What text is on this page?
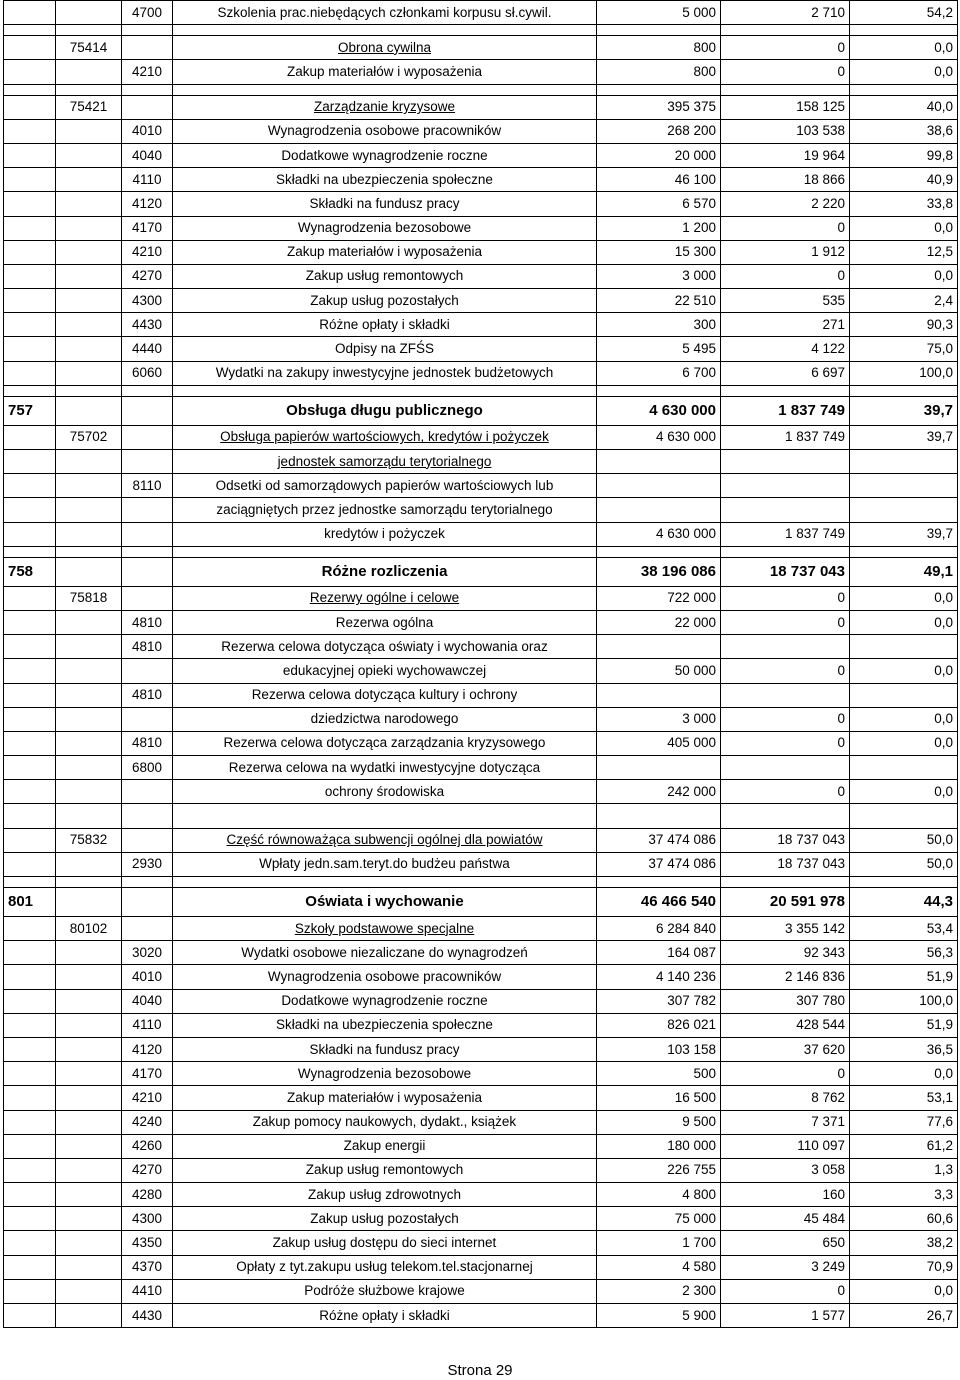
		4700	Szkolenia prac.niebędących członkami korpusu sł.cywil.	5 000	2 710	54,2

	75414		Obrona cywilna	800	0	0,0
		4210	Zakup materiałów i wyposażenia	800	0	0,0

	75421		Zarządzanie kryzysowe	395 375	158 125	40,0
		4010	Wynagrodzenia osobowe pracowników	268 200	103 538	38,6
		4040	Dodatkowe wynagrodzenie roczne	20 000	19 964	99,8
		4110	Składki na ubezpieczenia społeczne	46 100	18 866	40,9
		4120	Składki na fundusz pracy	6 570	2 220	33,8
		4170	Wynagrodzenia bezosobowe	1 200	0	0,0
		4210	Zakup materiałów i wyposażenia	15 300	1 912	12,5
		4270	Zakup usług remontowych	3 000	0	0,0
		4300	Zakup usług pozostałych	22 510	535	2,4
		4430	Różne opłaty i składki	300	271	90,3
		4440	Odpisy na ZFŚS	5 495	4 122	75,0
		6060	Wydatki na zakupy inwestycyjne jednostek budżetowych	6 700	6 697	100,0

757			Obsługa długu publicznego	4 630 000	1 837 749	39,7
	75702		Obsługa papierów wartościowych, kredytów i pożyczek	4 630 000	1 837 749	39,7
			jednostek samorządu terytorialnego			
		8110	Odsetki od samorządowych papierów wartościowych lub			
			zaciągniętych przez jednostke samorządu terytorialnego			
			kredytów i pożyczek	4 630 000	1 837 749	39,7

758			Różne rozliczenia	38 196 086	18 737 043	49,1
	75818		Rezerwy ogólne i celowe	722 000	0	0,0
		4810	Rezerwa ogólna	22 000	0	0,0
		4810	Rezerwa celowa dotycząca oświaty i wychowania oraz			
			edukacyjnej opieki wychowawczej	50 000	0	0,0
		4810	Rezerwa celowa dotycząca kultury i ochrony			
			dziedzictwa narodowego	3 000	0	0,0
		4810	Rezerwa celowa dotycząca zarządzania kryzysowego	405 000	0	0,0
		6800	Rezerwa celowa na wydatki inwestycyjne dotycząca			
			ochrony środowiska	242 000	0	0,0

	75832		Część równoważąca subwencji ogólnej dla powiatów	37 474 086	18 737 043	50,0
		2930	Wpłaty jedn.sam.teryt.do budżeu państwa	37 474 086	18 737 043	50,0

801			Oświata i wychowanie	46 466 540	20 591 978	44,3
	80102		Szkoły podstawowe specjalne	6 284 840	3 355 142	53,4
		3020	Wydatki osobowe niezaliczane do wynagrodzeń	164 087	92 343	56,3
		4010	Wynagrodzenia osobowe pracowników	4 140 236	2 146 836	51,9
		4040	Dodatkowe wynagrodzenie roczne	307 782	307 780	100,0
		4110	Składki na ubezpieczenia społeczne	826 021	428 544	51,9
		4120	Składki na fundusz pracy	103 158	37 620	36,5
		4170	Wynagrodzenia bezosobowe	500	0	0,0
		4210	Zakup materiałów i wyposażenia	16 500	8 762	53,1
		4240	Zakup pomocy naukowych, dydakt., książek	9 500	7 371	77,6
		4260	Zakup energii	180 000	110 097	61,2
		4270	Zakup usług remontowych	226 755	3 058	1,3
		4280	Zakup usług zdrowotnych	4 800	160	3,3
		4300	Zakup usług pozostałych	75 000	45 484	60,6
		4350	Zakup usług dostępu do sieci internet	1 700	650	38,2
		4370	Opłaty z tyt.zakupu usług telekom.tel.stacjonarnej	4 580	3 249	70,9
		4410	Podróże służbowe krajowe	2 300	0	0,0
		4430	Różne opłaty i składki	5 900	1 577	26,7
Strona 29
